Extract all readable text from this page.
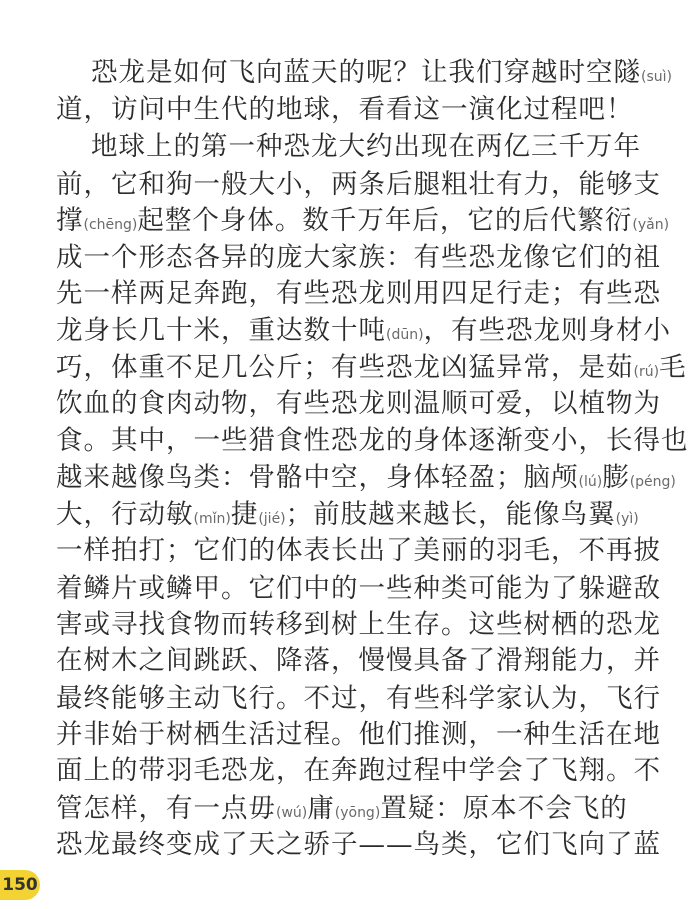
恐龙是如何飞向蓝天的呢？让我们穿越时空隧(suì)
道，访问中生代的地球，看看这一演化过程吧！
地球上的第一种恐龙大约出现在两亿三千万年
前，它和狗一般大小，两条后腿粗壮有力，能够支
撑(chēng)起整个身体。数千万年后，它的后代繁衍(yǎn)
成一个形态各异的庞大家族：有些恐龙像它们的祖
先一样两足奔跑，有些恐龙则用四足行走；有些恐
龙身长几十米，重达数十吨(dūn)，有些恐龙则身材小
巧，体重不足几公斤；有些恐龙凶猛异常，是茹(rú)毛
饮血的食肉动物，有些恐龙则温顺可爱，以植物为
食。其中，一些猎食性恐龙的身体逐渐变小，长得也
越来越像鸟类：骨骼中空，身体轻盈；脑颅(lú)膨(péng)
大，行动敏(mǐn)捷(jié)；前肢越来越长，能像鸟翼(yì)
一样拍打；它们的体表长出了美丽的羽毛，不再披
着鳞片或鳞甲。它们中的一些种类可能为了躲避敌
害或寻找食物而转移到树上生存。这些树栖的恐龙
在树木之间跳跃、降落，慢慢具备了滑翔能力，并
最终能够主动飞行。不过，有些科学家认为，飞行
并非始于树栖生活过程。他们推测，一种生活在地
面上的带羽毛恐龙，在奔跑过程中学会了飞翔。不
管怎样，有一点毋(wú)庸(yōng)置疑：原本不会飞的
恐龙最终变成了天之骄子——鸟类，它们飞向了蓝
150
